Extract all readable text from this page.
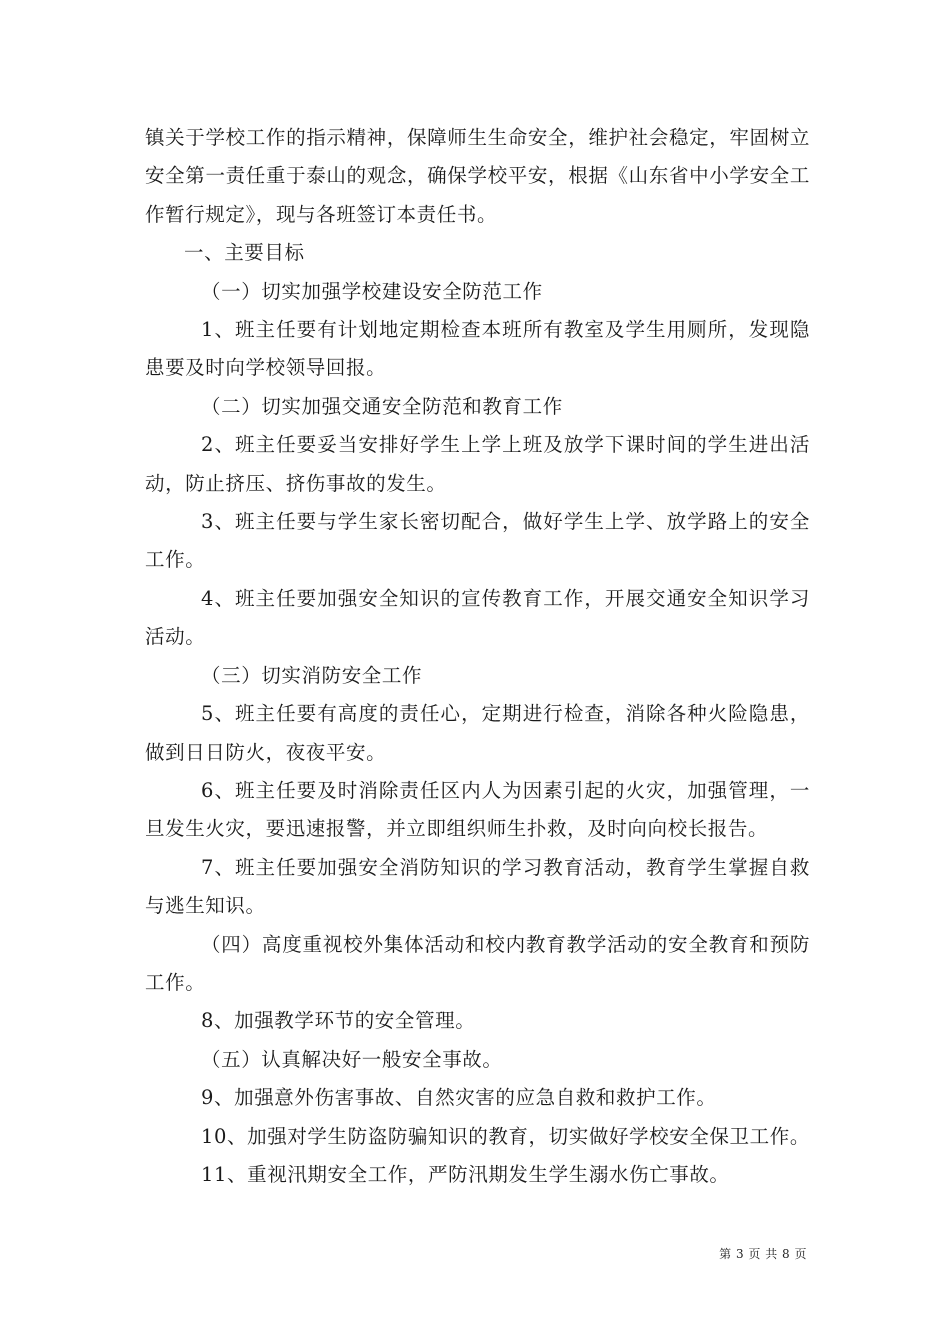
镇关于学校工作的指示精神，保障师生生命安全，维护社会稳定，牢固树立安全第一责任重于泰山的观念，确保学校平安，根据《山东省中小学安全工作暂行规定》，现与各班签订本责任书。

一、主要目标

（一）切实加强学校建设安全防范工作

1、班主任要有计划地定期检查本班所有教室及学生用厕所，发现隐患要及时向学校领导回报。

（二）切实加强交通安全防范和教育工作

2、班主任要妥当安排好学生上学上班及放学下课时间的学生进出活动，防止挤压、挤伤事故的发生。

3、班主任要与学生家长密切配合，做好学生上学、放学路上的安全工作。

4、班主任要加强安全知识的宣传教育工作，开展交通安全知识学习活动。

（三）切实消防安全工作

5、班主任要有高度的责任心，定期进行检查，消除各种火险隐患，做到日日防火，夜夜平安。

6、班主任要及时消除责任区内人为因素引起的火灾，加强管理，一旦发生火灾，要迅速报警，并立即组织师生扑救，及时向向校长报告。

7、班主任要加强安全消防知识的学习教育活动，教育学生掌握自救与逃生知识。

（四）高度重视校外集体活动和校内教育教学活动的安全教育和预防工作。

8、加强教学环节的安全管理。

（五）认真解决好一般安全事故。

9、加强意外伤害事故、自然灾害的应急自救和救护工作。

10、加强对学生防盗防骗知识的教育，切实做好学校安全保卫工作。

11、重视汛期安全工作，严防汛期发生学生溺水伤亡事故。

第 3 页 共 8 页
